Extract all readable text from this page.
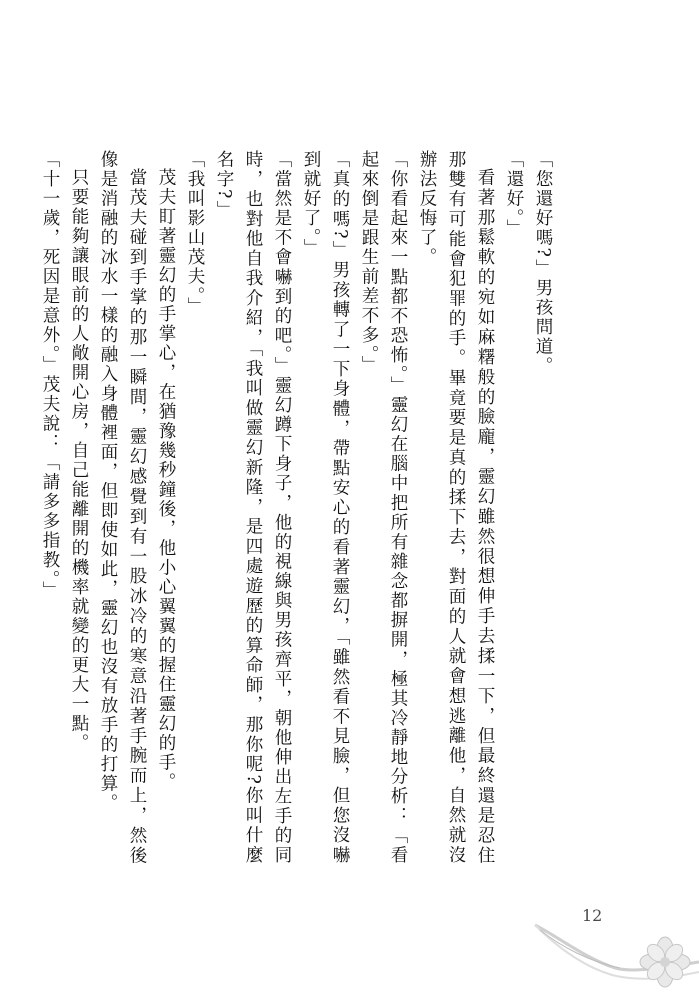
「您還好嗎?」男孩問道。

「還好。」

看著那鬆軟的宛如麻糬般的臉龐，靈幻雖然很想伸手去揉一下，但最終還是忍住那雙有可能會犯罪的手。畢竟要是真的揉下去，對面的人就會想逃離他，自然就沒辦法反悔了。

「你看起來一點都不恐怖。」靈幻在腦中把所有雜念都摒開，極其冷靜地分析：「看起來倒是跟生前差不多。」

「真的嗎?」男孩轉了一下身體，帶點安心的看著靈幻，「雖然看不見臉，但您沒嚇到就好了。」

「當然是不會嚇到的吧。」靈幻蹲下身子，他的視線與男孩齊平，朝他伸出左手的同時，也對他自我介紹，「我叫做靈幻新隆，是四處遊歷的算命師，那你呢?你叫什麼名字?」

「我叫影山茂夫。」

茂夫盯著靈幻的手掌心，在猶豫幾秒鐘後，他小心翼翼的握住靈幻的手。

當茂夫碰到手掌的那一瞬間，靈幻感覺到有一股冰冷的寒意沿著手腕而上，然後像是消融的冰水一樣的融入身體裡面，但即使如此，靈幻也沒有放手的打算。

只要能夠讓眼前的人敞開心房，自己能離開的機率就變的更大一點。

「十一歲，死因是意外。」茂夫說：「請多多指教。」

12
